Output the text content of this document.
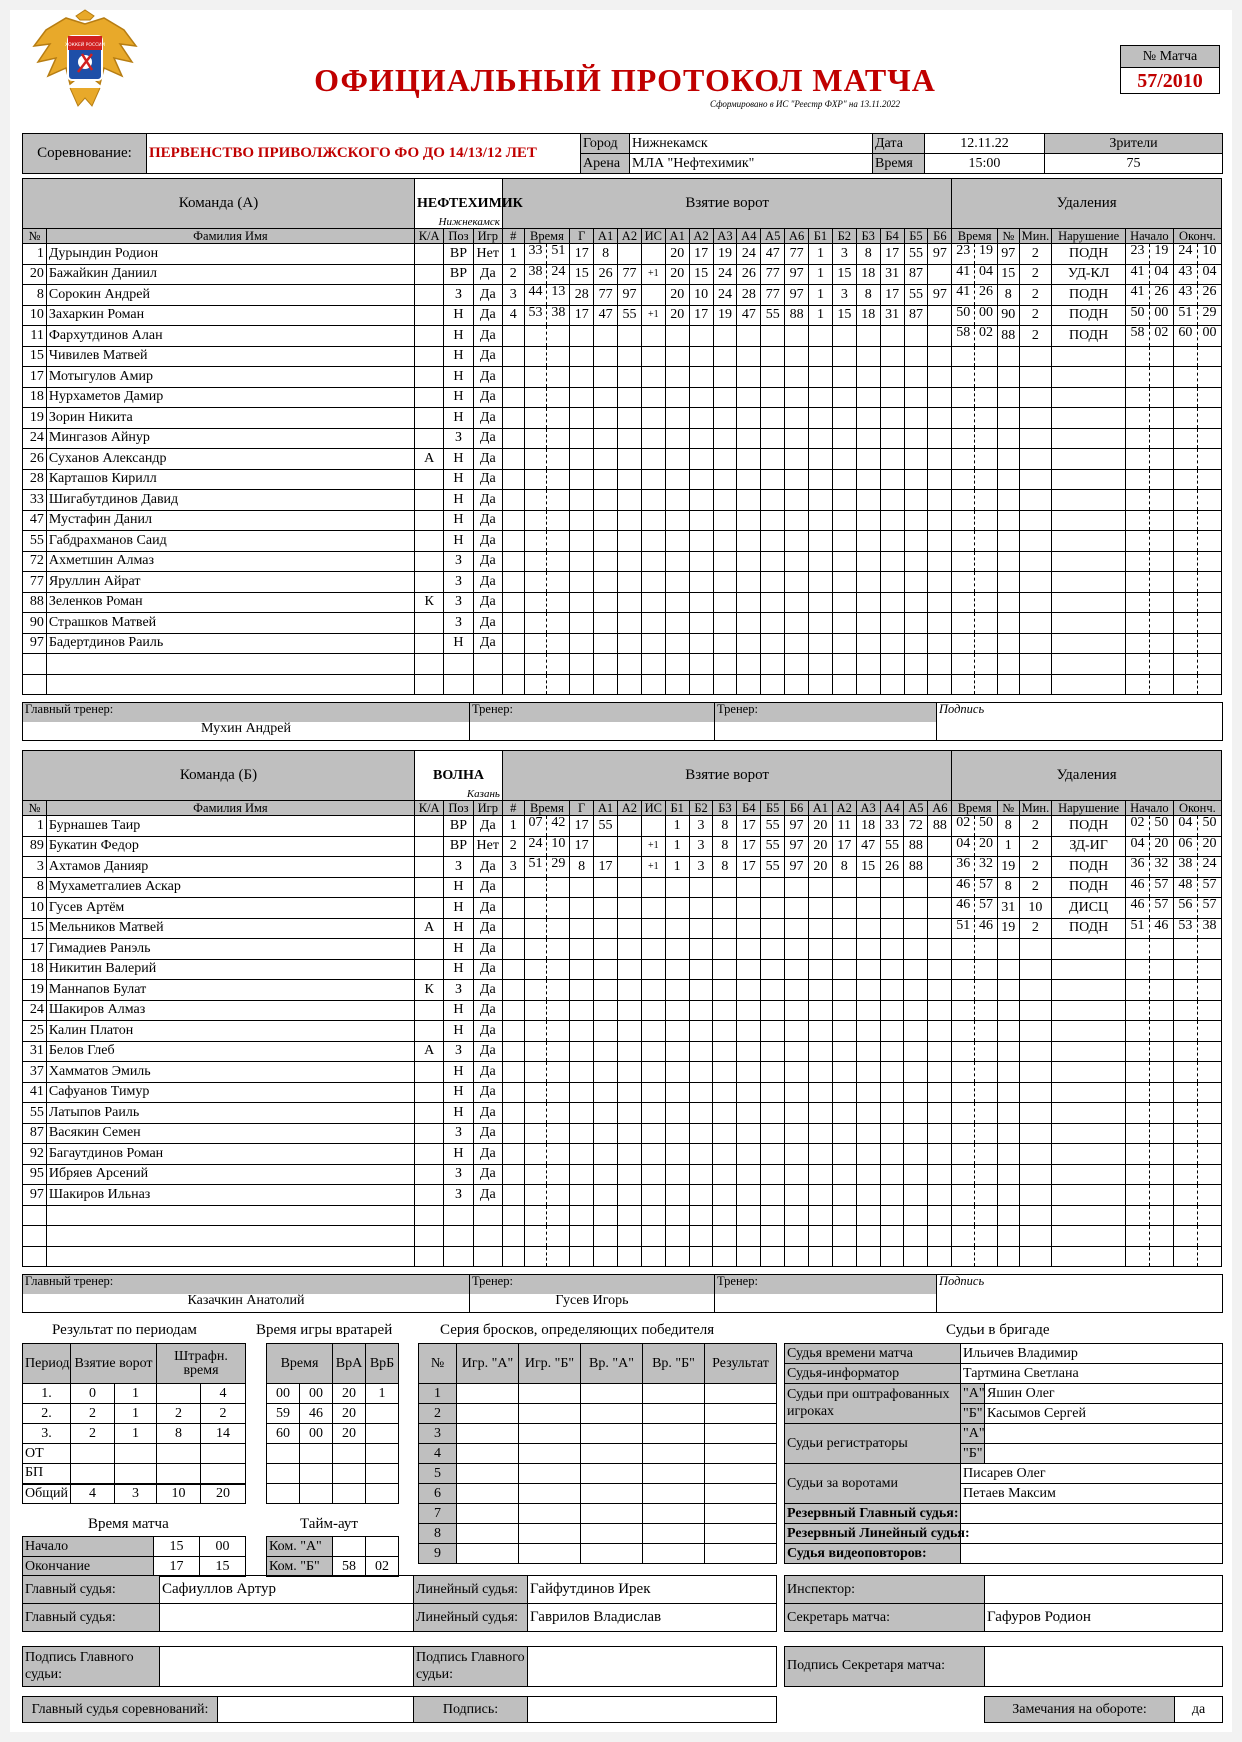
ХОККЕЙ РОССИИ
ОФИЦИАЛЬНЫЙ ПРОТОКОЛ МАТЧА
Сформировано в ИС "Реестр ФХР" на 13.11.2022
№ Матча
57/2010
Соревнование:	ПЕРВЕНСТВО ПРИВОЛЖСКОГО ФО ДО 14/13/12 ЛЕТ	Город	Нижнекамск	Дата	12.11.22	Зрители
		Арена	МЛА "Нефтехимик"	Время	15:00	75
Команда (А)		НЕФТЕХИМИК
Нижнекамск			Взятие ворот																		Удаления					
№	Фамилия Имя	К/А	Поз	Игр	#	Время	Г	А1	А2	ИС	А1	А2	А3	А4	А5	А6	Б1	Б2	Б3	Б4	Б5	Б6	Время	№	Мин.	Нарушение	Начало	Оконч.
1	Дурындин Родион		ВР	Нет	1	33 51	17	8			20	17	19	24	47	77	1	3	8	17	55	97	23 19	97	2	ПОДН	23 19	24 10

20	Бажайкин Даниил		ВР	Да	2	38 24	15	26	77	+1	20	15	24	26	77	97	1	15	18	31	87		41 04	15	2	УД-КЛ	41 04	43 04

8	Сорокин Андрей		З	Да	3	44 13	28	77	97		20	10	24	28	77	97	1	3	8	17	55	97	41 26	8	2	ПОДН	41 26	43 26

10	Захаркин Роман		Н	Да	4	53 38	17	47	55	+1	20	17	19	47	55	88	1	15	18	31	87		50 00	90	2	ПОДН	50 00	51 29

11	Фархутдинов Алан		Н	Да																			58 02	88	2	ПОДН	58 02	60 00

15	Чивилев Матвей		Н	Да		

17	Мотыгулов Амир		Н	Да		

18	Нурхаметов Дамир		Н	Да		

19	Зорин Никита		Н	Да		

24	Мингазов Айнур		З	Да		

26	Суханов Александр	А	Н	Да		

28	Карташов Кирилл		Н	Да		

33	Шигабутдинов Давид		Н	Да		

47	Мустафин Данил		Н	Да		

55	Габдрахманов Саид		Н	Да		

72	Ахметшин Алмаз		З	Да		

77	Яруллин Айрат		З	Да		

88	Зеленков Роман	К	З	Да		

90	Страшков Матвей		З	Да		

97	Бадертдинов Раиль		Н	Да		

Главный тренер:	Тренер:	Тренер:	Подпись
Мухин Андрей			
Команда (Б)		ВОЛНА
Казань			Взятие ворот																		Удаления					
№	Фамилия Имя	К/А	Поз	Игр	#	Время	Г	А1	А2	ИС	Б1	Б2	Б3	Б4	Б5	Б6	А1	А2	А3	А4	А5	А6	Время	№	Мин.	Нарушение	Начало	Оконч.
1	Бурнашев Таир		ВР	Да	1	07 42	17	55			1	3	8	17	55	97	20	11	18	33	72	88	02 50	8	2	ПОДН	02 50	04 50

89	Букатин Федор		ВР	Нет	2	24 10	17			+1	1	3	8	17	55	97	20	17	47	55	88		04 20	1	2	ЗД-ИГ	04 20	06 20

3	Ахтамов Данияр		З	Да	3	51 29	8	17		+1	1	3	8	17	55	97	20	8	15	26	88		36 32	19	2	ПОДН	36 32	38 24

8	Мухаметгалиев Аскар		Н	Да																			46 57	8	2	ПОДН	46 57	48 57

10	Гусев Артём		Н	Да																			46 57	31	10	ДИСЦ	46 57	56 57

15	Мельников Матвей	А	Н	Да																			51 46	19	2	ПОДН	51 46	53 38

17	Гимадиев Ранэль		Н	Да		

18	Никитин Валерий		Н	Да		

19	Маннапов Булат	К	З	Да		

24	Шакиров Алмаз		Н	Да		

25	Калин Платон		Н	Да		

31	Белов Глеб	А	З	Да		

37	Хамматов Эмиль		Н	Да		

41	Сафуанов Тимур		Н	Да		

55	Латыпов Раиль		Н	Да		

87	Васякин Семен		З	Да		

92	Багаутдинов Роман		Н	Да		

95	Ибряев Арсений		З	Да		

97	Шакиров Ильназ		З	Да		

Главный тренер:	Тренер:	Тренер:	Подпись
Казачкин Анатолий	Гусев Игорь		
Результат по периодам	Время игры вратарей	Серия бросков, определяющих победителя	Судьи в бригаде
Период	Взятие ворот		Штрафн. время	
1.	0	1		4
2.	2	1	2	2
3.	2	1	8	14
ОТ				
БП				
Общий	4	3	10	20
Время		ВрА	ВрБ
00	00	20	1
59	46	20	
60	00	20	

Время матча
Начало	15	00
Окончание	17	15
Тайм-аут
Ком. "А"		
Ком. "Б"	58	02
№	Игр. "А"	Игр. "Б"	Вр. "А"	Вр. "Б"	Результат
1					
2					
3					
4					
5					
6					
7					
8					
9					
Судья времени матча	Ильичев Владимир	
Судья-информатор	Тартмина Светлана	
Судьи при оштрафованных игроках	"А"	Яшин Олег
	"Б"	Касымов Сергей
Судьи регистраторы	"А"	
	"Б"	
Судьи за воротами	Писарев Олег	
	Петаев Максим	
Резервный Главный судья:		
Резервный Линейный судья:		
Судья видеоповторов:		
Главный судья:	Сафиуллов Артур	Линейный судья:	Гайфутдинов Ирек
Главный судья:		Линейный судья:	Гаврилов Владислав
Инспектор:	
Секретарь матча:	Гафуров Родион
Подпись Главного судьи:		Подпись Главного судьи:	
Подпись Секретаря матча:	
Главный судья соревнований:		Подпись:		Замечания на обороте:	да
